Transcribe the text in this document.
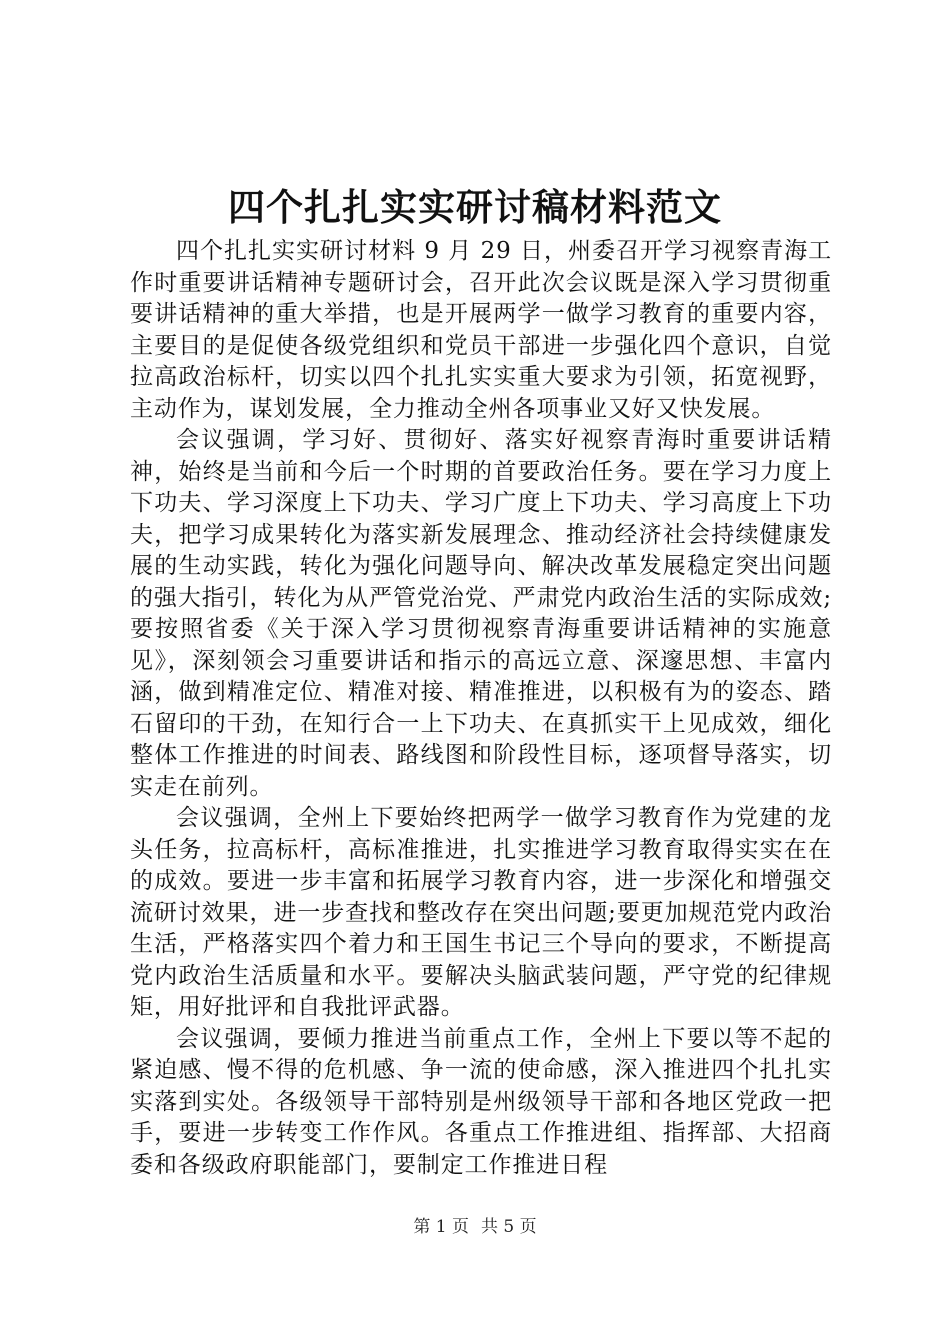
四个扎扎实实研讨稿材料范文

四个扎扎实实研讨材料 9 月 29 日，州委召开学习视察青海工作时重要讲话精神专题研讨会，召开此次会议既是深入学习贯彻重要讲话精神的重大举措，也是开展两学一做学习教育的重要内容，主要目的是促使各级党组织和党员干部进一步强化四个意识，自觉拉高政治标杆，切实以四个扎扎实实重大要求为引领，拓宽视野，主动作为，谋划发展，全力推动全州各项事业又好又快发展。

会议强调，学习好、贯彻好、落实好视察青海时重要讲话精神，始终是当前和今后一个时期的首要政治任务。要在学习力度上下功夫、学习深度上下功夫、学习广度上下功夫、学习高度上下功夫，把学习成果转化为落实新发展理念、推动经济社会持续健康发展的生动实践，转化为强化问题导向、解决改革发展稳定突出问题的强大指引，转化为从严管党治党、严肃党内政治生活的实际成效;要按照省委《关于深入学习贯彻视察青海重要讲话精神的实施意见》，深刻领会习重要讲话和指示的高远立意、深邃思想、丰富内涵，做到精准定位、精准对接、精准推进，以积极有为的姿态、踏石留印的干劲，在知行合一上下功夫、在真抓实干上见成效，细化整体工作推进的时间表、路线图和阶段性目标，逐项督导落实，切实走在前列。

会议强调，全州上下要始终把两学一做学习教育作为党建的龙头任务，拉高标杆，高标准推进，扎实推进学习教育取得实实在在的成效。要进一步丰富和拓展学习教育内容，进一步深化和增强交流研讨效果，进一步查找和整改存在突出问题;要更加规范党内政治生活，严格落实四个着力和王国生书记三个导向的要求，不断提高党内政治生活质量和水平。要解决头脑武装问题，严守党的纪律规矩，用好批评和自我批评武器。

会议强调，要倾力推进当前重点工作，全州上下要以等不起的紧迫感、慢不得的危机感、争一流的使命感，深入推进四个扎扎实实落到实处。各级领导干部特别是州级领导干部和各地区党政一把手，要进一步转变工作作风。各重点工作推进组、指挥部、大招商委和各级政府职能部门，要制定工作推进日程

第 1 页 共 5 页
